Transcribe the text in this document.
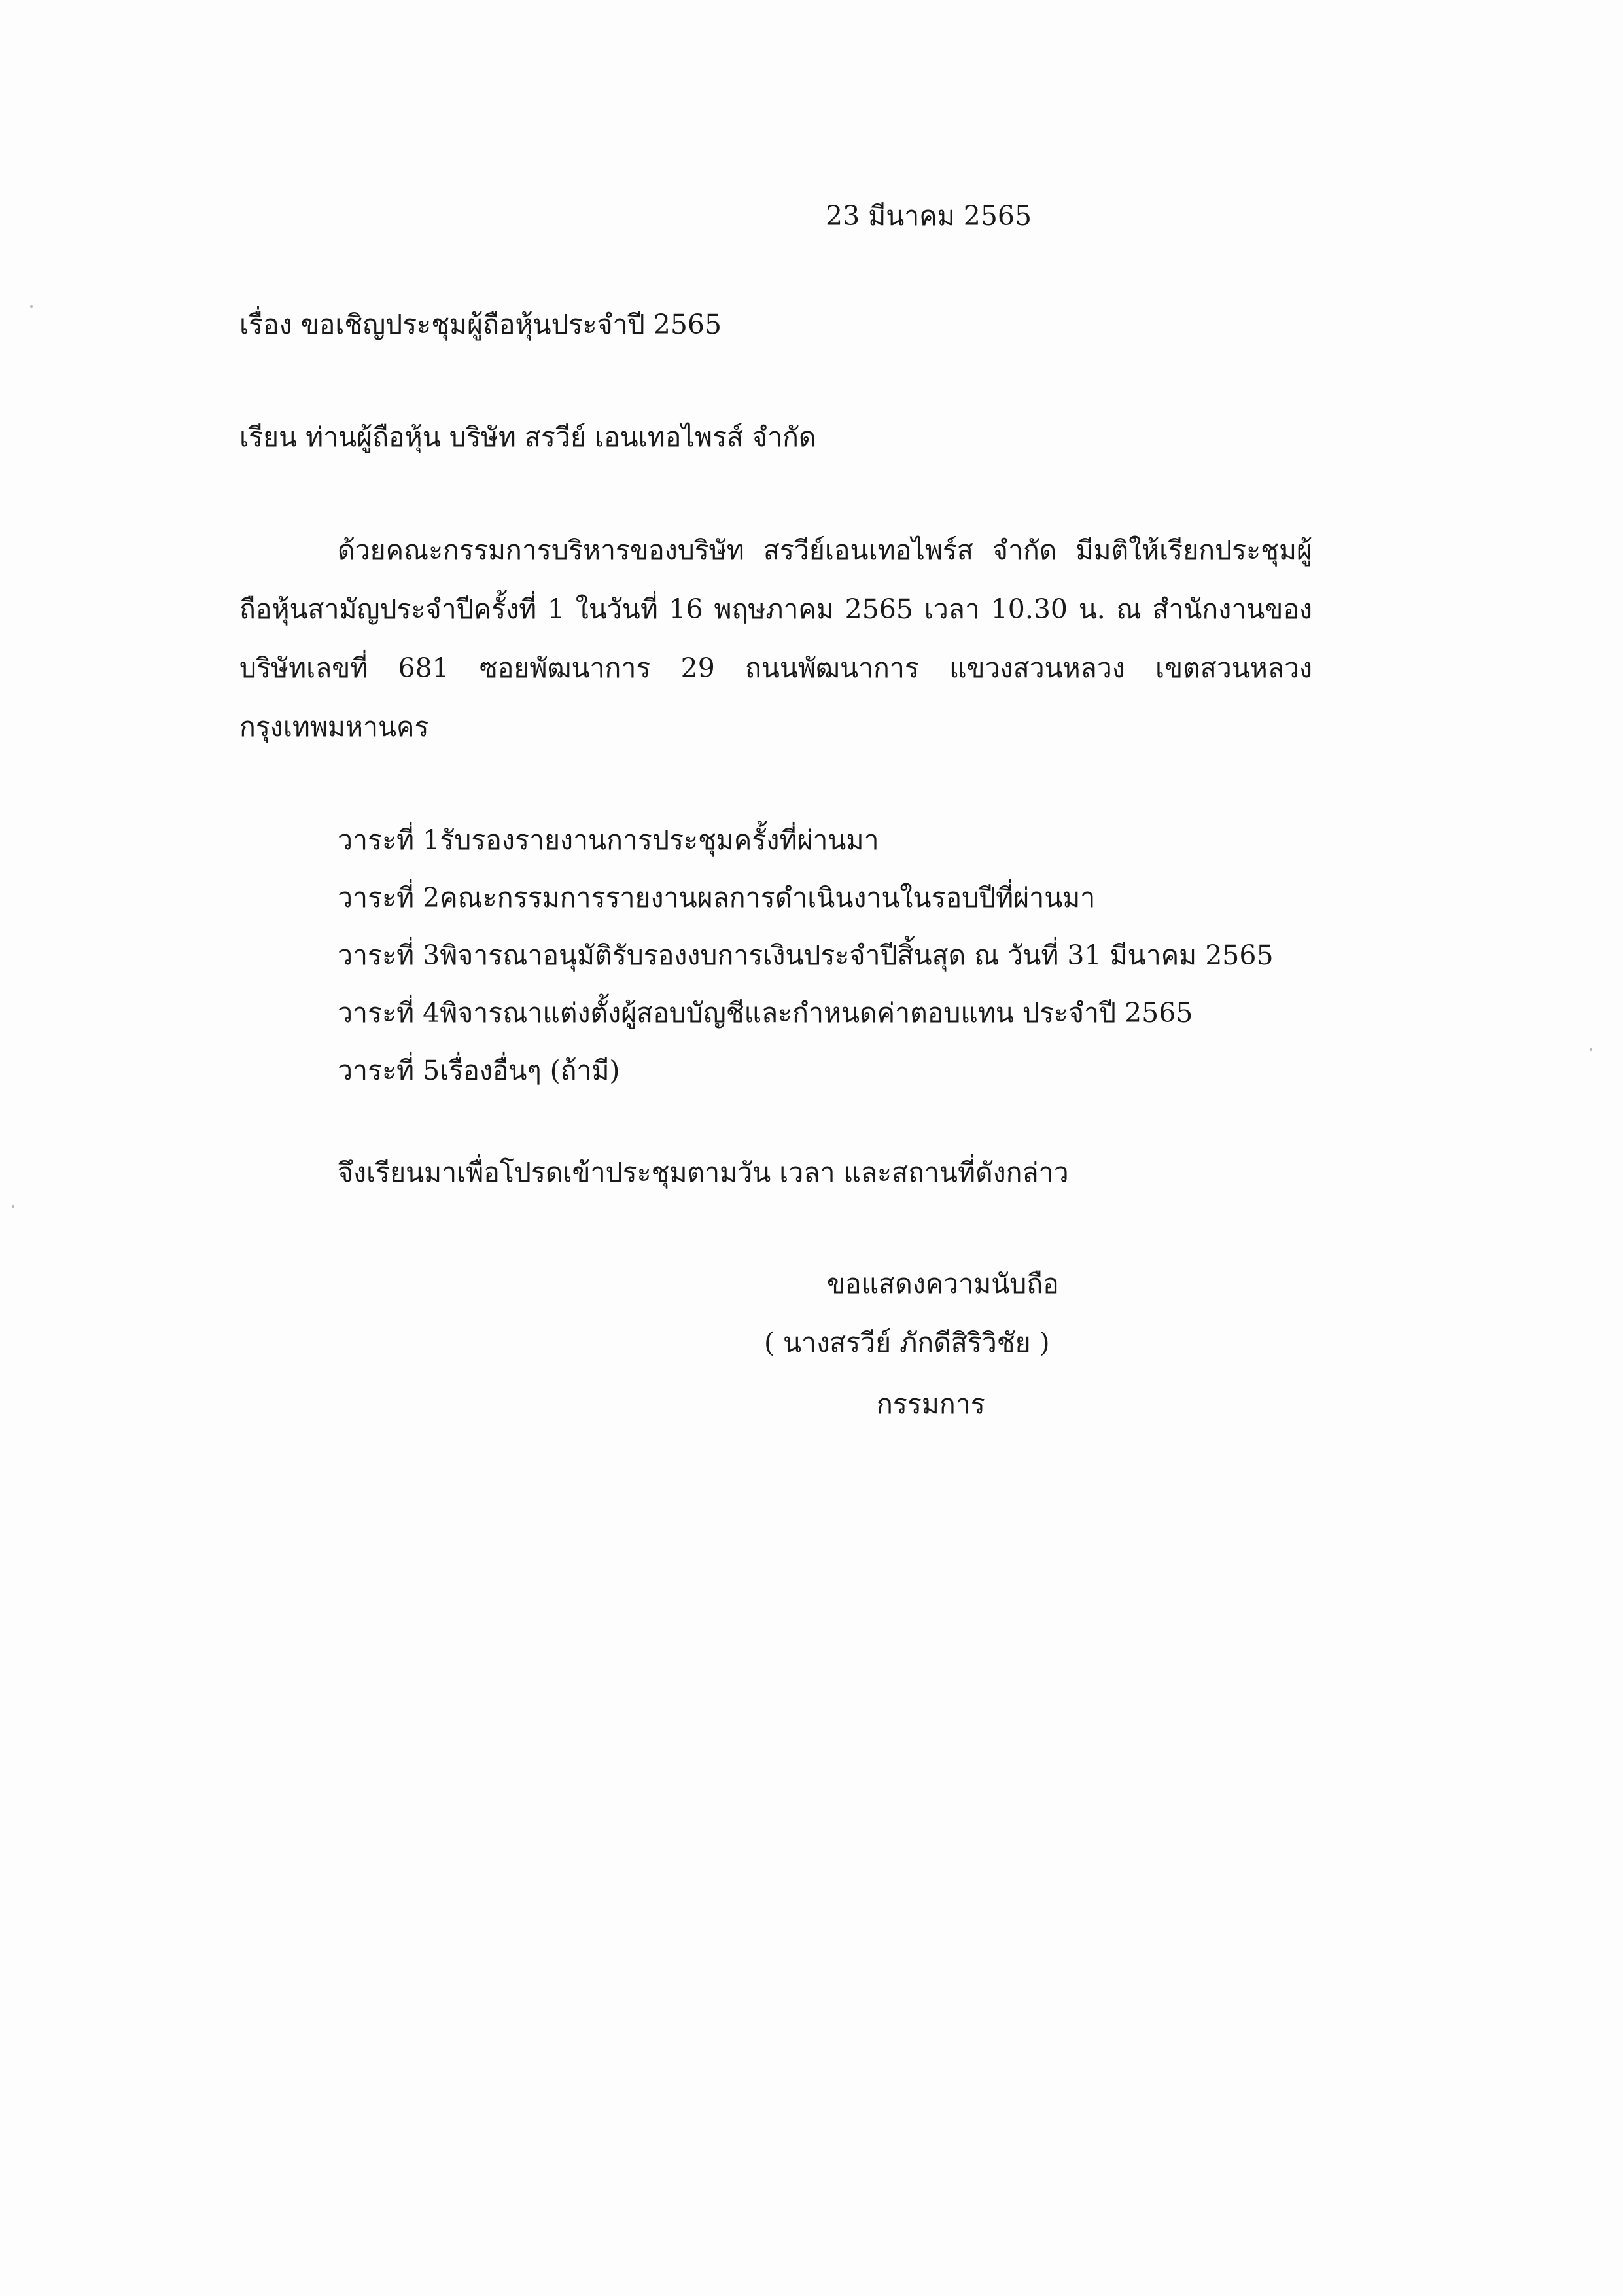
23 มีนาคม 2565
เรื่อง ขอเชิญประชุมผู้ถือหุ้นประจำปี 2565
เรียน ท่านผู้ถือหุ้น บริษัท สรวีย์ เอนเทอไพรส์ จำกัด
ด้วยคณะกรรมการบริหารของบริษัท สรวีย์เอนเทอไพร์ส จำกัด มีมติให้เรียกประชุมผู้ถือหุ้นสามัญประจำปีครั้งที่ 1 ในวันที่ 16 พฤษภาคม 2565 เวลา 10.30 น. ณ สำนักงานของบริษัทเลขที่ 681 ซอยพัฒนาการ 29 ถนนพัฒนาการ แขวงสวนหลวง เขตสวนหลวง กรุงเทพมหานคร
วาระที่ 1รับรองรายงานการประชุมครั้งที่ผ่านมา
วาระที่ 2คณะกรรมการรายงานผลการดำเนินงานในรอบปีที่ผ่านมา
วาระที่ 3พิจารณาอนุมัติรับรองงบการเงินประจำปีสิ้นสุด ณ วันที่ 31 มีนาคม 2565
วาระที่ 4พิจารณาแต่งตั้งผู้สอบบัญชีและกำหนดค่าตอบแทน ประจำปี 2565
วาระที่ 5เรื่องอื่นๆ (ถ้ามี)
จึงเรียนมาเพื่อโปรดเข้าประชุมตามวัน เวลา และสถานที่ดังกล่าว
ขอแสดงความนับถือ
( นางสรวีย์ ภักดีสิริวิชัย )
กรรมการ
